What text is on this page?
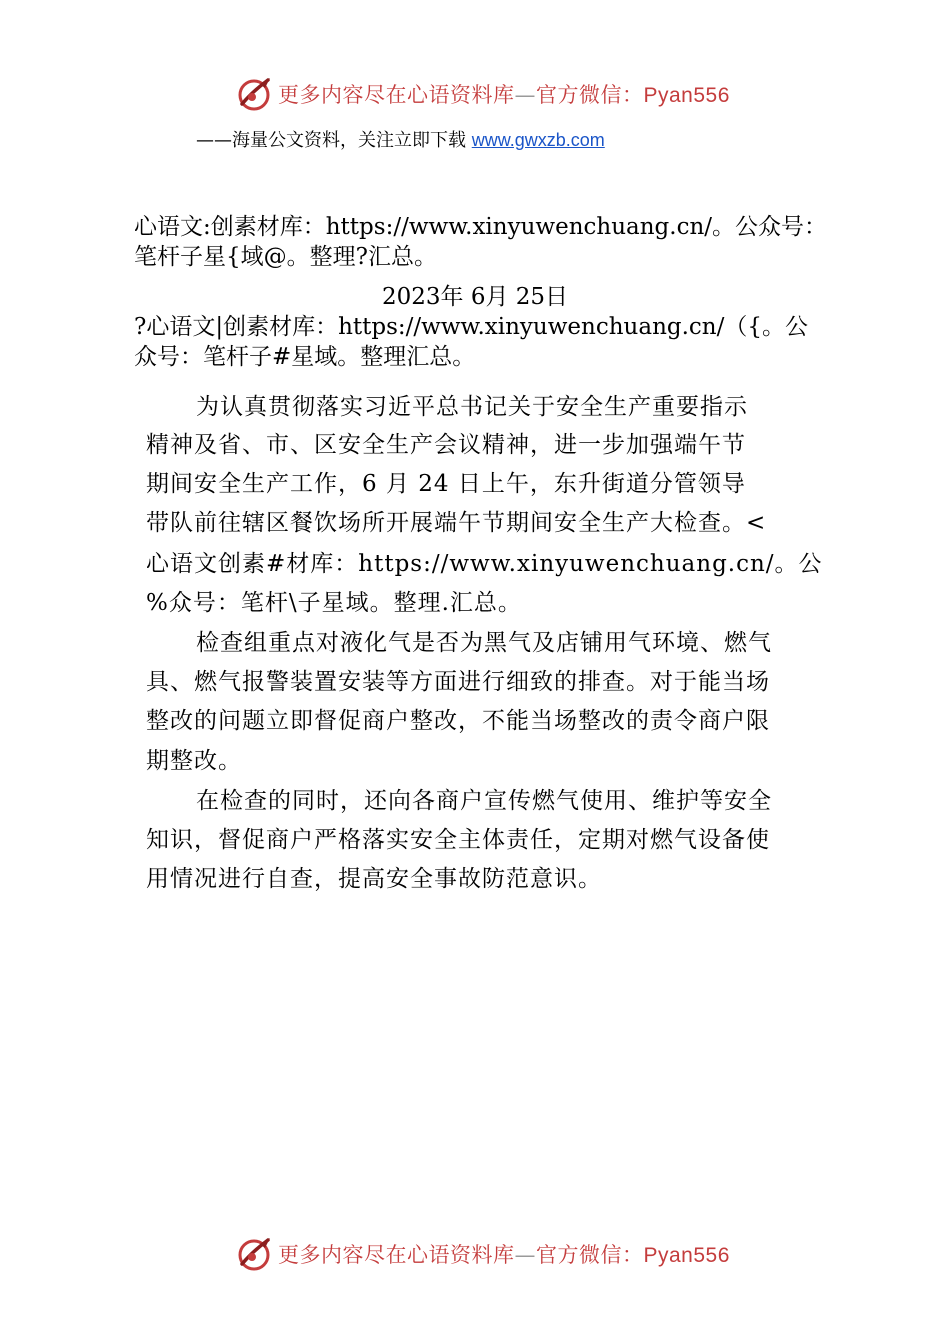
更多内容尽在心语资料库—官方微信：Pyan556
——海量公文资料，关注立即下载 www.gwxzb.com
心语文:创素材库：https://www.xinyuwenchuang.cn/。公众号：
笔杆子星{域@。整理?汇总。
2023年 6月 25日
?心语文|创素材库：https://www.xinyuwenchuang.cn/（{。公
众号：笔杆子#星域。整理汇总。
为认真贯彻落实习近平总书记关于安全生产重要指示
精神及省、市、区安全生产会议精神，进一步加强端午节
期间安全生产工作，6 月 24 日上午，东升街道分管领导
带队前往辖区餐饮场所开展端午节期间安全生产大检查。<
心语文创素#材库：https://www.xinyuwenchuang.cn/。公
%众号：笔杆\子星域。整理.汇总。
检查组重点对液化气是否为黑气及店铺用气环境、燃气
具、燃气报警装置安装等方面进行细致的排查。对于能当场
整改的问题立即督促商户整改，不能当场整改的责令商户限
期整改。
在检查的同时，还向各商户宣传燃气使用、维护等安全
知识，督促商户严格落实安全主体责任，定期对燃气设备使
用情况进行自查，提高安全事故防范意识。
更多内容尽在心语资料库—官方微信：Pyan556
